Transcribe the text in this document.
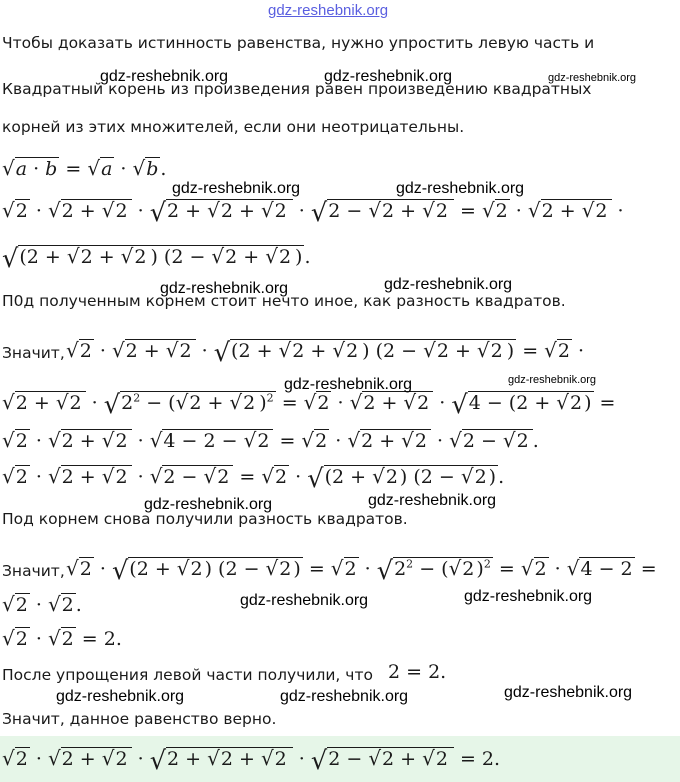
gdz-reshebnik.org
Чтобы доказать истинность равенства, нужно упростить левую часть и
Квадратный корень из произведения равен произведению квадратных
корней из этих множителей, если они неотрицательны.
√a · b = √a · √b .
√2 · √2 + √2 · √2 + √2 + √2 · √2 − √2 + √2 = √2 · √2 + √2 ·
√(2 + √2 + √2 ) (2 − √2 + √2 ) .
П0д полученным корнем стоит нечто иное, как разность квадратов.
Значит, √2 · √2 + √2 · √(2 + √2 + √2 ) (2 − √2 + √2 ) = √2 ·
$√2 + √2 \cdot √2^2 - (√2 + √2$ )$^2$ = √2 · √2 + √2 · √4 − (2 + √2 ) =
√2 · √2 + √2 · √4 − 2 − √2 = √2 · √2 + √2 · √2 − √2 .
√2 · √2 + √2 · √2 − √2 = √2 · √(2 + √2 ) (2 − √2 ) .
Под корнем снова получили разность квадратов.
Значит, √2 · √(2 + √2 ) (2 − √2 ) = $√2 \cdot √2^2 - (√2$ )$^2$ = √2 · √4 − 2 =
√2 · √2 .
√2 · √2 = 2.
После упрощения левой части получили, что 2 = 2.
Значит, данное равенство верно.
√2 · √2 + √2 · √2 + √2 + √2 · √2 − √2 + √2 = 2.
gdz-reshebnik.org	gdz-reshebnik.org	gdz-reshebnik.org
gdz-reshebnik.org	gdz-reshebnik.org
gdz-reshebnik.org	gdz-reshebnik.org
gdz-reshebnik.org	gdz-reshebnik.org
gdz-reshebnik.org	gdz-reshebnik.org
gdz-reshebnik.org	gdz-reshebnik.org
gdz-reshebnik.org	gdz-reshebnik.org	gdz-reshebnik.org
